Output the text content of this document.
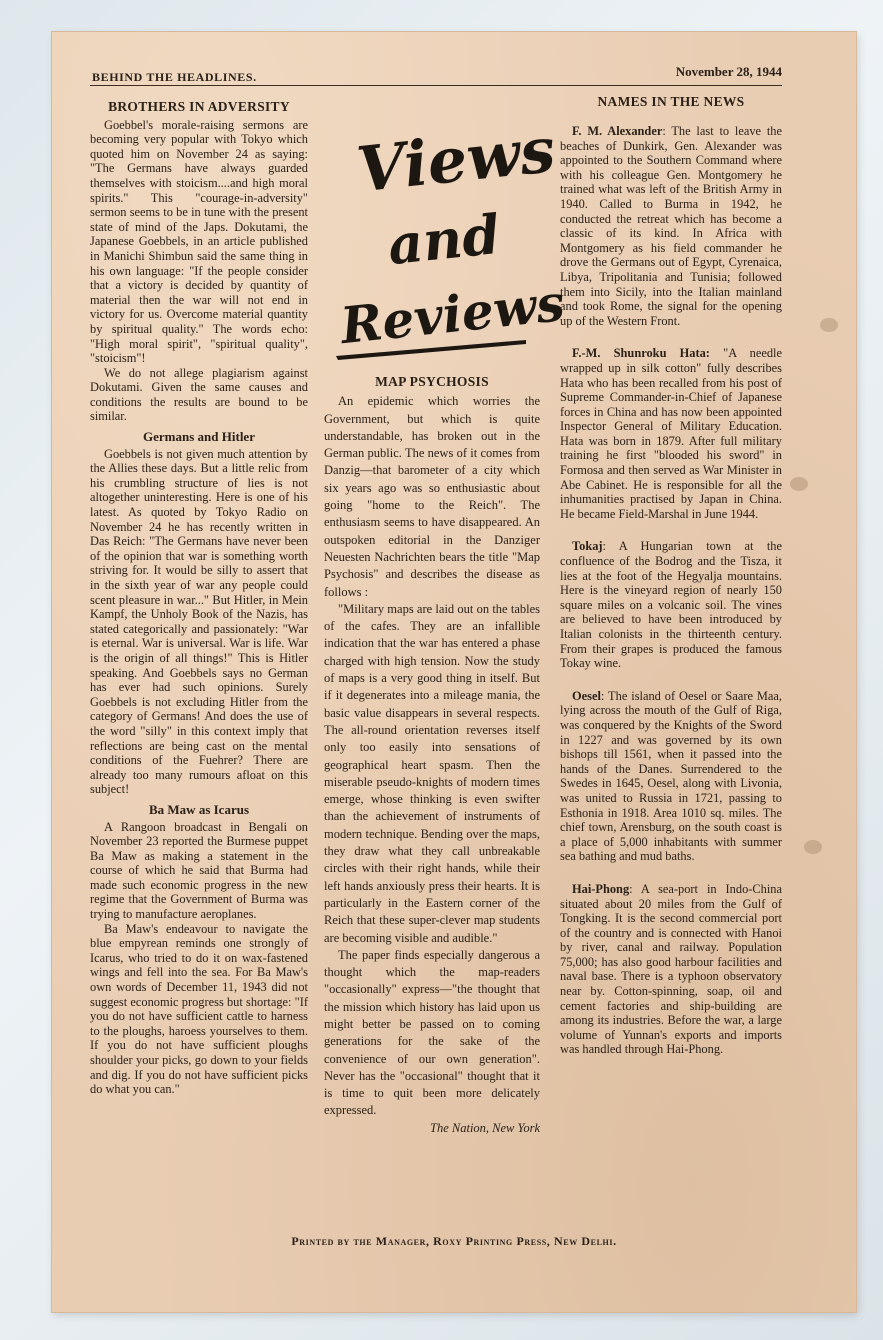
BEHIND THE HEADLINES.	November 28, 1944
BROTHERS IN ADVERSITY

Goebbel's morale-raising sermons are becoming very popular with Tokyo which quoted him on November 24 as saying: "The Germans have always guarded themselves with stoicism....and high moral spirits." This "courage-in-adversity" sermon seems to be in tune with the present state of mind of the Japs. Dokutami, the Japanese Goebbels, in an article published in Manichi Shimbun said the same thing in his own language: "If the people consider that a victory is decided by quantity of material then the war will not end in victory for us. Overcome material quantity by spiritual quality." The words echo: "High moral spirit", "spiritual quality", "stoicism"!

We do not allege plagiarism against Dokutami. Given the same causes and conditions the results are bound to be similar.

Germans and Hitler

Goebbels is not given much attention by the Allies these days. But a little relic from his crumbling structure of lies is not altogether uninteresting. Here is one of his latest. As quoted by Tokyo Radio on November 24 he has recently written in Das Reich: "The Germans have never been of the opinion that war is something worth striving for. It would be silly to assert that in the sixth year of war any people could scent pleasure in war..." But Hitler, in Mein Kampf, the Unholy Book of the Nazis, has stated categorically and passionately: "War is eternal. War is universal. War is life. War is the origin of all things!" This is Hitler speaking. And Goebbels says no German has ever had such opinions. Surely Goebbels is not excluding Hitler from the category of Germans! And does the use of the word "silly" in this context imply that reflections are being cast on the mental conditions of the Fuehrer? There are already too many rumours afloat on this subject!

Ba Maw as Icarus

A Rangoon broadcast in Bengali on November 23 reported the Burmese puppet Ba Maw as making a statement in the course of which he said that Burma had made such economic progress in the new regime that the Government of Burma was trying to manufacture aeroplanes.

Ba Maw's endeavour to navigate the blue empyrean reminds one strongly of Icarus, who tried to do it on wax-fastened wings and fell into the sea. For Ba Maw's own words of December 11, 1943 did not suggest economic progress but shortage: "If you do not have sufficient cattle to harness to the ploughs, haroess yourselves to them. If you do not have sufficient ploughs shoulder your picks, go down to your fields and dig. If you do not have sufficient picks do what you can."

Views
and
Reviews
MAP PSYCHOSIS

An epidemic which worries the Government, but which is quite understandable, has broken out in the German public. The news of it comes from Danzig—that barometer of a city which six years ago was so enthusiastic about going "home to the Reich". The enthusiasm seems to have disappeared. An outspoken editorial in the Danziger Neuesten Nachrichten bears the title "Map Psychosis" and describes the disease as follows :

"Military maps are laid out on the tables of the cafes. They are an infallible indication that the war has entered a phase charged with high tension. Now the study of maps is a very good thing in itself. But if it degenerates into a mileage mania, the basic value disappears in several respects. The all-round orientation reverses itself only too easily into sensations of geographical heart spasm. Then the miserable pseudo-knights of modern times emerge, whose thinking is even swifter than the achievement of instruments of modern technique. Bending over the maps, they draw what they call unbreakable circles with their right hands, while their left hands anxiously press their hearts. It is particularly in the Eastern corner of the Reich that these super-clever map students are becoming visible and audible."

The paper finds especially dangerous a thought which the map-readers "occasionally" express—"the thought that the mission which history has laid upon us might better be passed on to coming generations for the sake of the convenience of our own generation". Never has the "occasional" thought that it is time to quit been more delicately expressed.

The Nation, New York
NAMES IN THE NEWS

F. M. Alexander: The last to leave the beaches of Dunkirk, Gen. Alexander was appointed to the Southern Command where with his colleague Gen. Montgomery he trained what was left of the British Army in 1940. Called to Burma in 1942, he conducted the retreat which has become a classic of its kind. In Africa with Montgomery as his field commander he drove the Germans out of Egypt, Cyrenaica, Libya, Tripolitania and Tunisia; followed them into Sicily, into the Italian mainland and took Rome, the signal for the opening up of the Western Front.

F.-M. Shunroku Hata: "A needle wrapped up in silk cotton" fully describes Hata who has been recalled from his post of Supreme Commander-in-Chief of Japanese forces in China and has now been appointed Inspector General of Military Education. Hata was born in 1879. After full military training he first "blooded his sword" in Formosa and then served as War Minister in Abe Cabinet. He is responsible for all the inhumanities practised by Japan in China. He became Field-Marshal in June 1944.

Tokaj: A Hungarian town at the confluence of the Bodrog and the Tisza, it lies at the foot of the Hegyalja mountains. Here is the vineyard region of nearly 150 square miles on a volcanic soil. The vines are believed to have been introduced by Italian colonists in the thirteenth century. From their grapes is produced the famous Tokay wine.

Oesel: The island of Oesel or Saare Maa, lying across the mouth of the Gulf of Riga, was conquered by the Knights of the Sword in 1227 and was governed by its own bishops till 1561, when it passed into the hands of the Danes. Surrendered to the Swedes in 1645, Oesel, along with Livonia, was united to Russia in 1721, passing to Esthonia in 1918. Area 1010 sq. miles. The chief town, Arensburg, on the south coast is a place of 5,000 inhabitants with summer sea bathing and mud baths.

Hai-Phong: A sea-port in Indo-China situated about 20 miles from the Gulf of Tongking. It is the second commercial port of the country and is connected with Hanoi by river, canal and railway. Population 75,000; has also good harbour facilities and naval base. There is a typhoon observatory near by. Cotton-spinning, soap, oil and cement factories and ship-building are among its industries. Before the war, a large volume of Yunnan's exports and imports was handled through Hai-Phong.

Printed by the Manager, Roxy Printing Press, New Delhi.
